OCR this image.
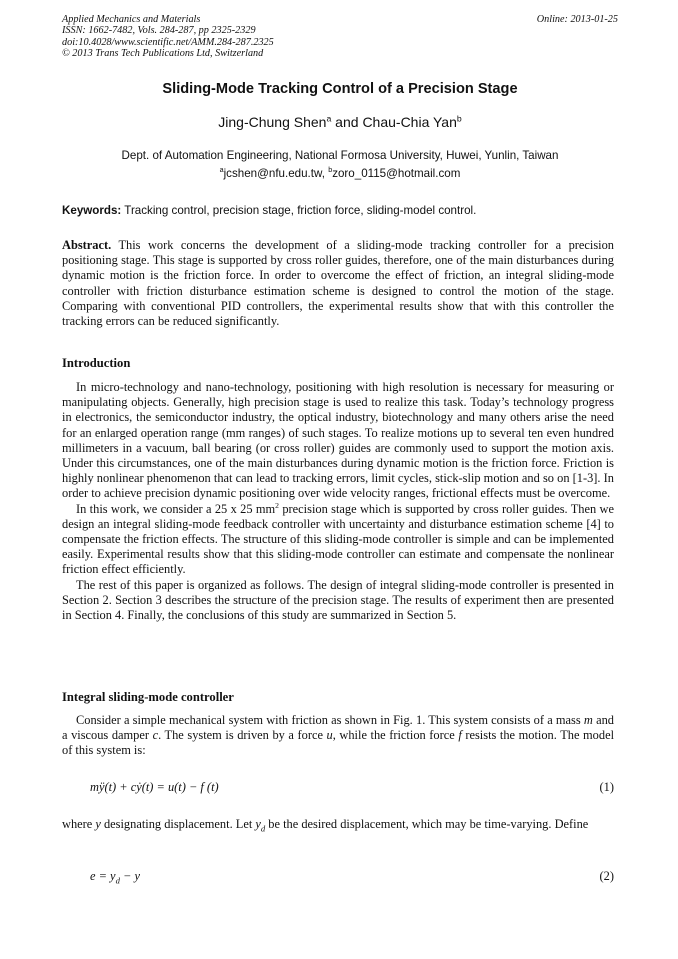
Applied Mechanics and Materials
ISSN: 1662-7482, Vols. 284-287, pp 2325-2329
doi:10.4028/www.scientific.net/AMM.284-287.2325
© 2013 Trans Tech Publications Ltd, Switzerland
Online: 2013-01-25
Sliding-Mode Tracking Control of a Precision Stage
Jing-Chung Shen$^a$ and Chau-Chia Yan$^b$
Dept. of Automation Engineering, National Formosa University, Huwei, Yunlin, Taiwan
$^a$jcshen@nfu.edu.tw, $^b$zoro_0115@hotmail.com
Keywords: Tracking control, precision stage, friction force, sliding-model control.
Abstract. This work concerns the development of a sliding-mode tracking controller for a precision positioning stage. This stage is supported by cross roller guides, therefore, one of the main disturbances during dynamic motion is the friction force. In order to overcome the effect of friction, an integral sliding-mode controller with friction disturbance estimation scheme is designed to control the motion of the stage. Comparing with conventional PID controllers, the experimental results show that with this controller the tracking errors can be reduced significantly.
Introduction

In micro-technology and nano-technology, positioning with high resolution is necessary for measuring or manipulating objects. Generally, high precision stage is used to realize this task. Today’s technology progress in electronics, the semiconductor industry, the optical industry, biotechnology and many others arise the need for an enlarged operation range (mm ranges) of such stages. To realize motions up to several ten even hundred millimeters in a vacuum, ball bearing (or cross roller) guides are commonly used to support the motion axis. Under this circumstances, one of the main disturbances during dynamic motion is the friction force. Friction is highly nonlinear phenomenon that can lead to tracking errors, limit cycles, stick-slip motion and so on [1-3]. In order to achieve precision dynamic positioning over wide velocity ranges, frictional effects must be overcome.

In this work, we consider a 25 x 25 $mm^2$ precision stage which is supported by cross roller guides. Then we design an integral sliding-mode feedback controller with uncertainty and disturbance estimation scheme [4] to compensate the friction effects. The structure of this sliding-mode controller is simple and can be implemented easily. Experimental results show that this sliding-mode controller can estimate and compensate the nonlinear friction effect efficiently.

The rest of this paper is organized as follows. The design of integral sliding-mode controller is presented in Section 2. Section 3 describes the structure of the precision stage. The results of experiment then are presented in Section 4. Finally, the conclusions of this study are summarized in Section 5.

Integral sliding-mode controller

Consider a simple mechanical system with friction as shown in Fig. 1. This system consists of a mass m and a viscous damper c. The system is driven by a force u, while the friction force f resists the motion. The model of this system is:

mÿ(t) + cẏ(t) = u(t) − f (t)	(1)

where y designating displacement. Let $y_d$ be the desired displacement, which may be time-varying. Define

$e = y_d - y$	(2)
